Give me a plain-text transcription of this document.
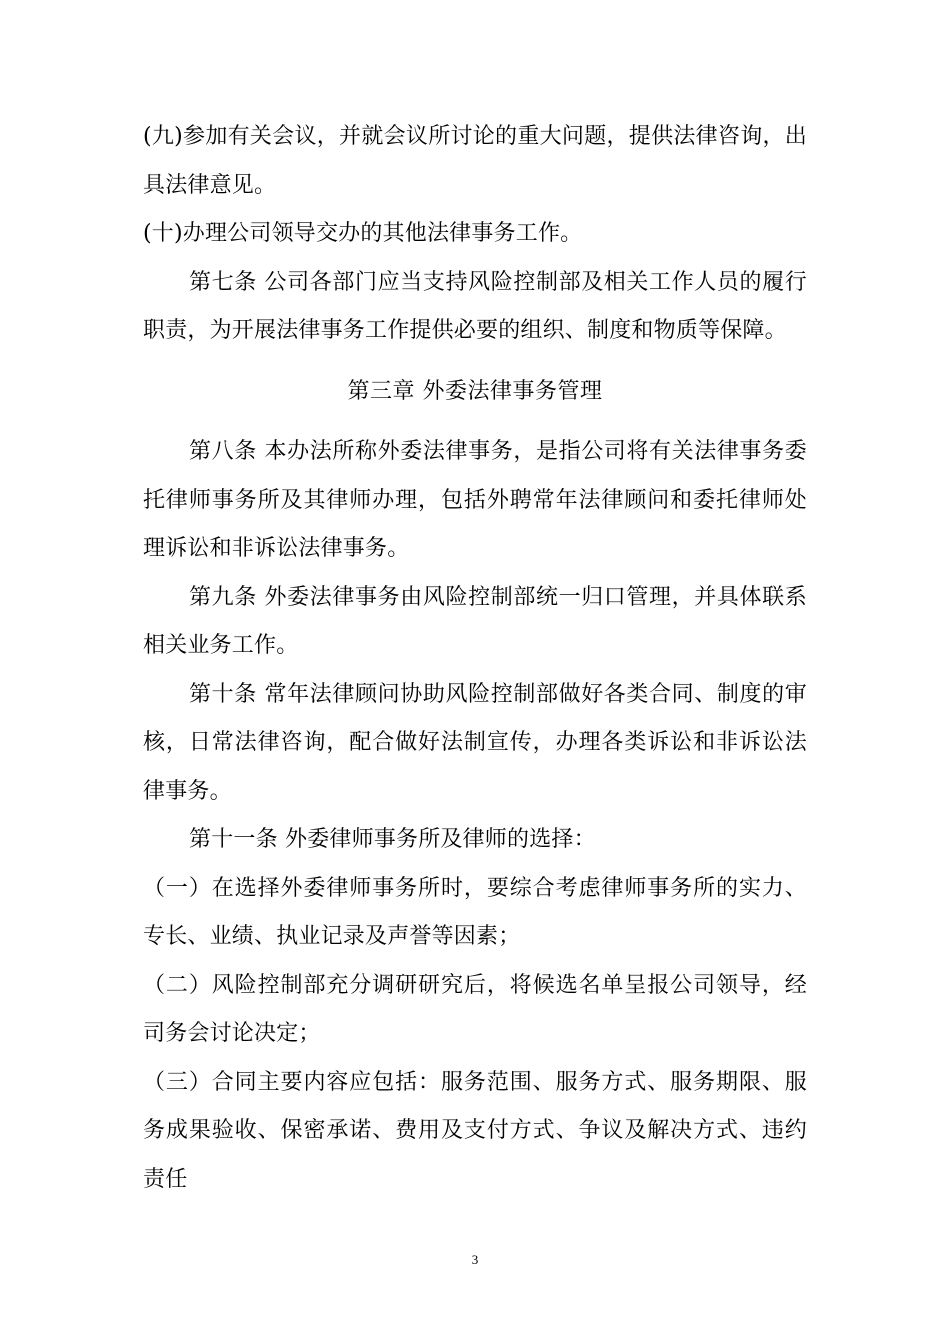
(九)参加有关会议，并就会议所讨论的重大问题，提供法律咨询，出具法律意见。

(十)办理公司领导交办的其他法律事务工作。

第七条 公司各部门应当支持风险控制部及相关工作人员的履行职责，为开展法律事务工作提供必要的组织、制度和物质等保障。

第三章 外委法律事务管理

第八条 本办法所称外委法律事务，是指公司将有关法律事务委托律师事务所及其律师办理，包括外聘常年法律顾问和委托律师处理诉讼和非诉讼法律事务。

第九条 外委法律事务由风险控制部统一归口管理，并具体联系相关业务工作。

第十条 常年法律顾问协助风险控制部做好各类合同、制度的审核，日常法律咨询，配合做好法制宣传，办理各类诉讼和非诉讼法律事务。

第十一条 外委律师事务所及律师的选择：

（一）在选择外委律师事务所时，要综合考虑律师事务所的实力、专长、业绩、执业记录及声誉等因素；

（二）风险控制部充分调研研究后，将候选名单呈报公司领导，经司务会讨论决定；

（三）合同主要内容应包括：服务范围、服务方式、服务期限、服务成果验收、保密承诺、费用及支付方式、争议及解决方式、违约责任

3
